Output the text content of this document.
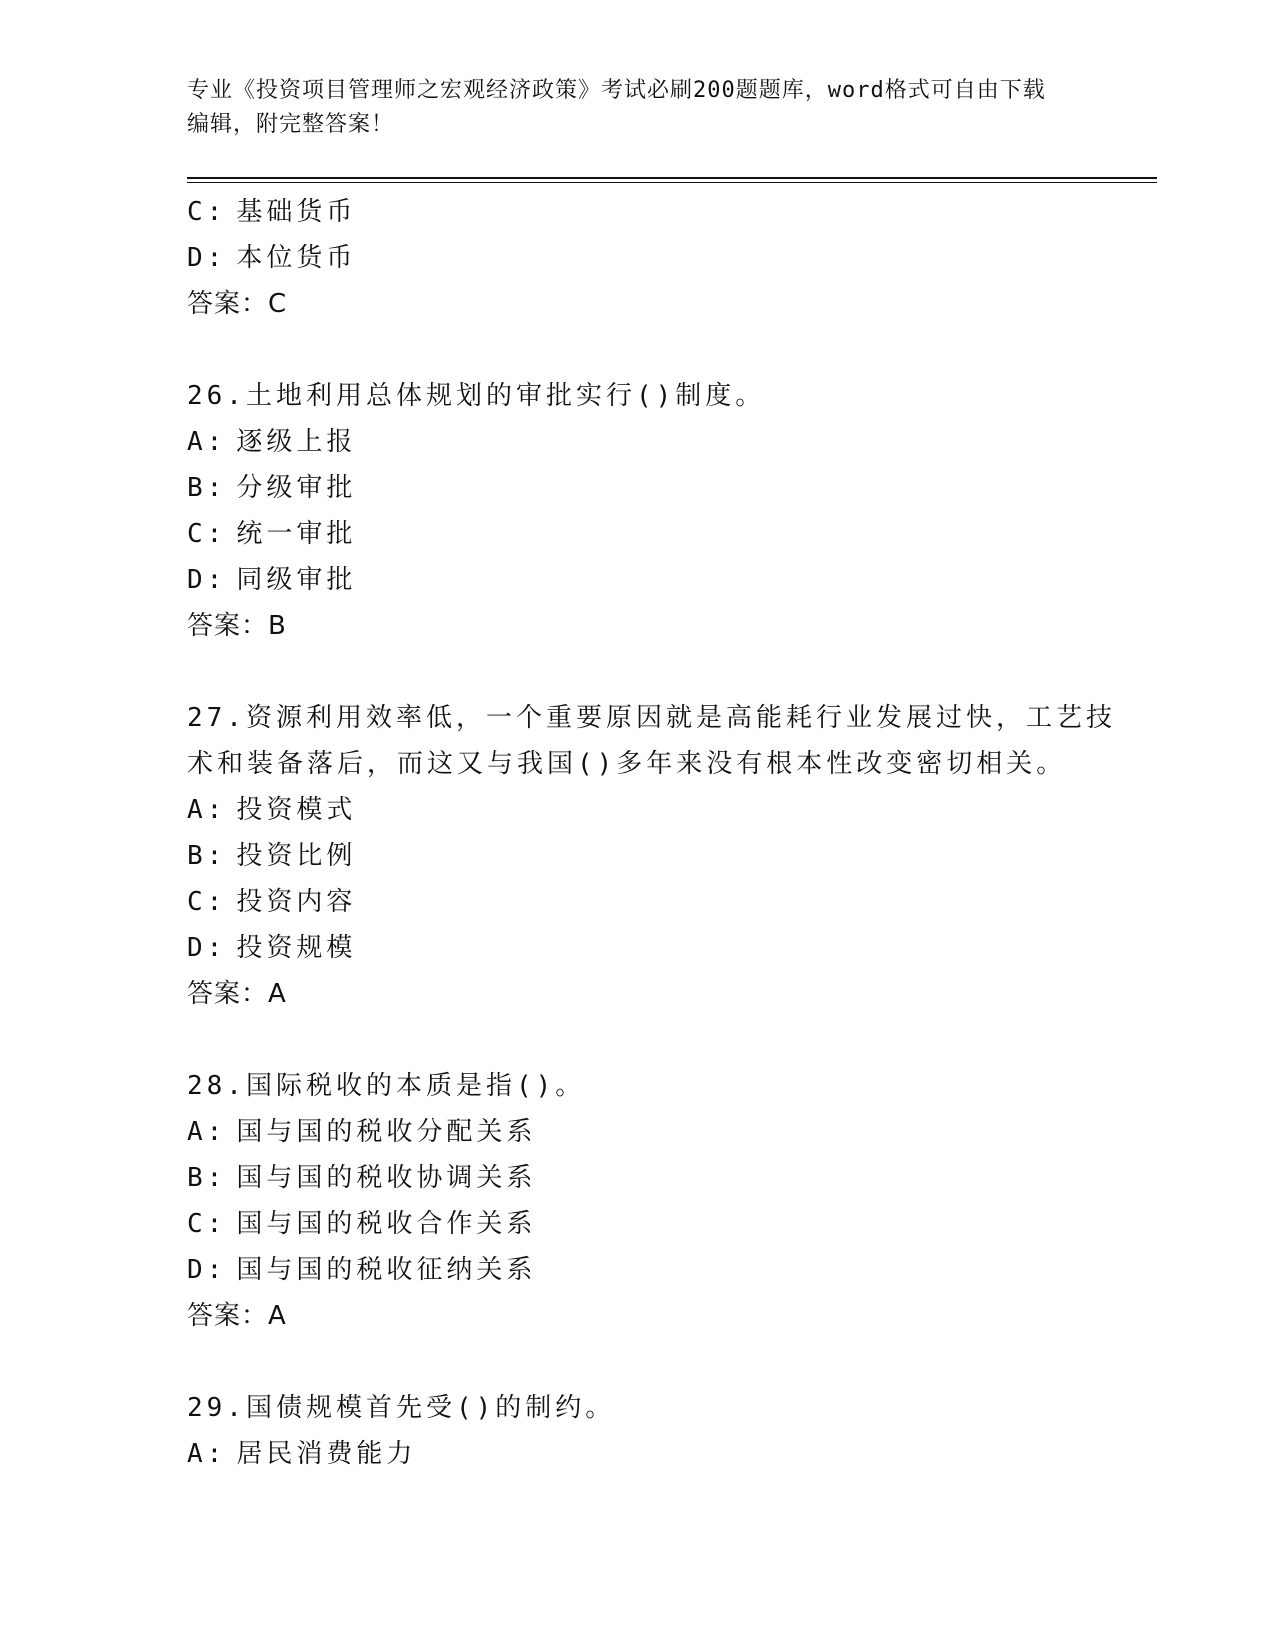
专业《投资项目管理师之宏观经济政策》考试必刷200题题库，word格式可自由下载编辑，附完整答案！
C: 基础货币
D: 本位货币
答案：C
26.土地利用总体规划的审批实行()制度。
A: 逐级上报
B: 分级审批
C: 统一审批
D: 同级审批
答案：B
27.资源利用效率低，一个重要原因就是高能耗行业发展过快，工艺技
术和装备落后，而这又与我国()多年来没有根本性改变密切相关。
A: 投资模式
B: 投资比例
C: 投资内容
D: 投资规模
答案：A
28.国际税收的本质是指()。
A: 国与国的税收分配关系
B: 国与国的税收协调关系
C: 国与国的税收合作关系
D: 国与国的税收征纳关系
答案：A
29.国债规模首先受()的制约。
A: 居民消费能力
